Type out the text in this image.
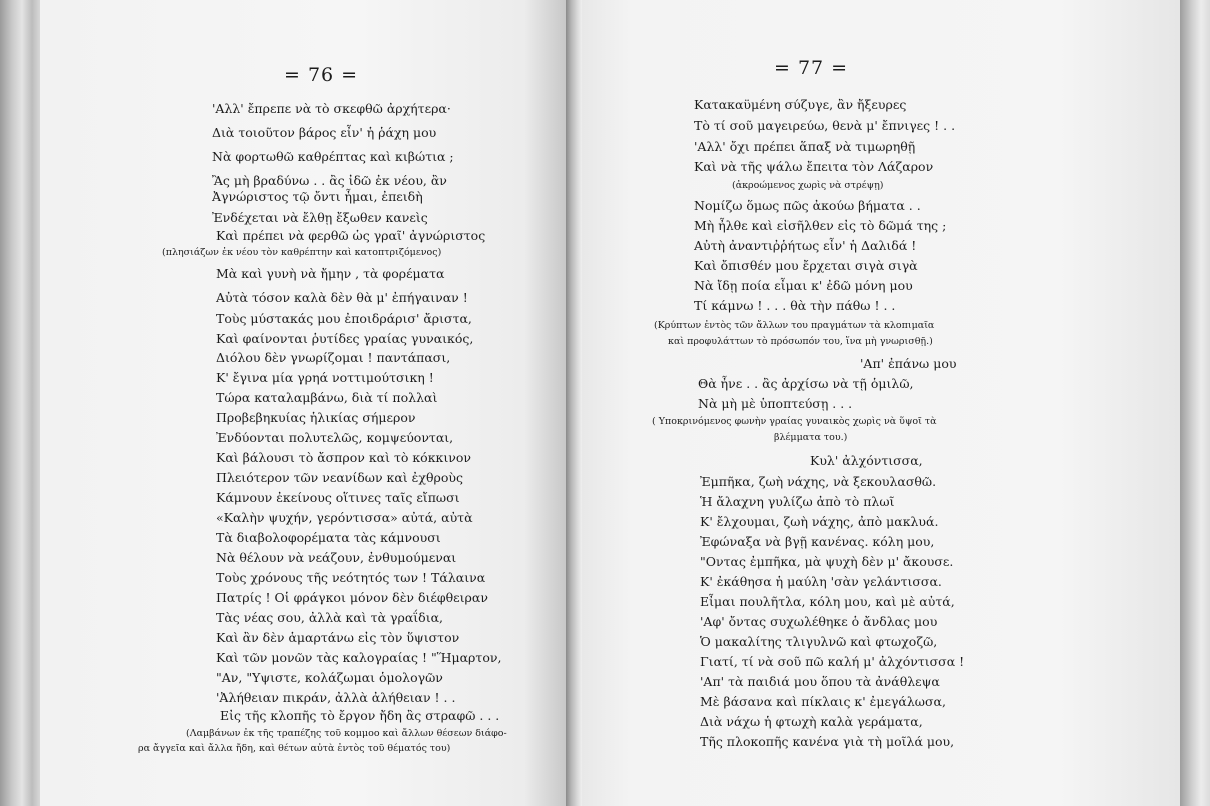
= 76 =
'Αλλ' ἔπρεπε νὰ τὸ σκεφθῶ ἀρχήτερα·
Διὰ τοιοῦτον βάρος εἶν' ἡ ῥάχη μου
Νὰ φορτωθῶ καθρέπτας καὶ κιβώτια ;
Ἂς μὴ βραδύνω . . ἂς ἰδῶ ἐκ νέου, ἂν
Ἀγνώριστος τῷ ὄντι ἦμαι, ἐπειδὴ
Ἐνδέχεται νὰ ἔλθῃ ἔξωθεν κανεὶς
Καὶ πρέπει νὰ φερθῶ ὡς γραῖ' ἀγνώριστος
(πλησιάζων ἐκ νέου τὸν καθρέπτην καὶ κατοπτριζόμενος)
Μὰ καὶ γυνὴ νὰ ἤμην , τὰ φορέματα
Αὐτὰ τόσον καλὰ δὲν θὰ μ' ἐπήγαιναν !
Τοὺς μύστακάς μου ἐποιδράρισ' ἄριστα,
Καὶ φαίνονται ῥυτίδες γραίας γυναικός,
Διόλου δὲν γνωρίζομαι ! παντάπασι,
Κ' ἔγινα μία γρηά νοττιμούτσικη !
Τώρα καταλαμβάνω, διὰ τί πολλαὶ
Προβεβηκυίας ἡλικίας σήμερον
Ἐνδύονται πολυτελῶς, κομψεύονται,
Καὶ βάλουσι τὸ ἄσπρον καὶ τὸ κόκκινον
Πλειότερον τῶν νεανίδων καὶ ἐχθροὺς
Κάμνουν ἐκείνους οἵτινες ταῖς εἴπωσι
«Καλὴν ψυχήν, γερόντισσα» αὐτά, αὐτὰ
Τὰ διαβολοφορέματα τὰς κάμνουσι
Νὰ θέλουν νὰ νεάζουν, ἐνθυμούμεναι
Τοὺς χρόνους τῆς νεότητός των ! Τάλαινα
Πατρίς ! Οἱ φράγκοι μόνον δὲν διέφθειραν
Τὰς νέας σου, ἀλλὰ καὶ τὰ γραΐδια,
Καὶ ἂν δὲν ἁμαρτάνω εἰς τὸν ὕψιστον
Καὶ τῶν μονῶν τὰς καλογραίας ! "Ἥμαρτον,
"Αν, "Υψιστε, κολάζωμαι ὁμολογῶν
'Ἀλήθειαν πικράν, ἀλλὰ ἀλήθειαν ! . .
Εἰς τῆς κλοπῆς τὸ ἔργον ἤδη ἂς στραφῶ . . .
(Λαμβάνων ἐκ τῆς τραπέζης τοῦ κομμοο καὶ ἄλλων θέσεων διάφο-
ρα ἄγγεῖα καὶ ἄλλα ἤδη, καὶ θέτων αὐτὰ ἐντὸς τοῦ θέματός του)
= 77 =
Κατακαϋμένη σύζυγε, ἂν ἤξευρες
Τὸ τί σοῦ μαγειρεύω, θενὰ μ' ἔπνιγες ! . .
'Αλλ' ὄχι πρέπει ἅπαξ νὰ τιμωρηθῇ
Καὶ νὰ τῆς ψάλω ἔπειτα τὸν Λάζαρον
(ἀκροώμενος χωρὶς νὰ στρέψῃ)
Νομίζω ὅμως πῶς ἀκούω βήματα . .
Μὴ ἦλθε καὶ εἰσῆλθεν εἰς τὸ δῶμά της ;
Αὐτὴ ἀναντιῤῥήτως εἶν' ἡ Δαλιδά !
Καὶ ὄπισθέν μου ἔρχεται σιγὰ σιγὰ
Νὰ ἴδῃ ποία εἶμαι κ' ἐδῶ μόνη μου
Τί κάμνω ! . . . θὰ τὴν πάθω ! . .
(Κρύπτων ἐντὸς τῶν ἄλλων του πραγμάτων τὰ κλοπιμαῖα
καὶ προφυλάττων τὸ πρόσωπόν του, ἵνα μὴ γνωρισθῇ.)
'Απ' ἐπάνω μου
Θὰ ἦνε . . ἂς ἀρχίσω νὰ τῇ ὁμιλῶ,
Νὰ μὴ μὲ ὑποπτεύσῃ . . .
( Υποκρινόμενος φωνὴν γραίας γυναικὸς χωρὶς νὰ ὕψοῖ τὰ
βλέμματα του.)
Κυλ' ἀλχόντισσα,
Ἐμπῆκα, ζωὴ νάχης, νὰ ξεκουλασθῶ.
Ἡ ἄλαχνη γυλίζω ἀπὸ τὸ πλωῖ
Κ' ἔλχουμαι, ζωὴ νάχης, ἀπὸ μακλυά.
Ἐφώναξα νὰ βγῇ κανένας. κόλη μου,
"Οντας ἐμπῆκα, μὰ ψυχὴ δὲν μ' ἄκουσε.
Κ' ἐκάθησα ἡ μαύλη 'σὰν γελάντισσα.
Εἶμαι πουλῆτλα, κόλη μου, καὶ μὲ αὐτά,
'Αφ' ὄντας συχωλέθηκε ὁ ἄνδλας μου
Ὁ μακαλίτης τλιγυλνῶ καὶ φτωχοζῶ,
Γιατί, τί νὰ σοῦ πῶ καλή μ' ἀλχόντισσα !
'Απ' τὰ παιδιά μου ὅπου τὰ ἀνάθλεψα
Μὲ βάσανα καὶ πίκλαις κ' ἐμεγάλωσα,
Διὰ νάχω ἡ φτωχὴ καλὰ γεράματα,
Τῆς πλοκοπῆς κανένα γιὰ τὴ μοῖλά μου,
